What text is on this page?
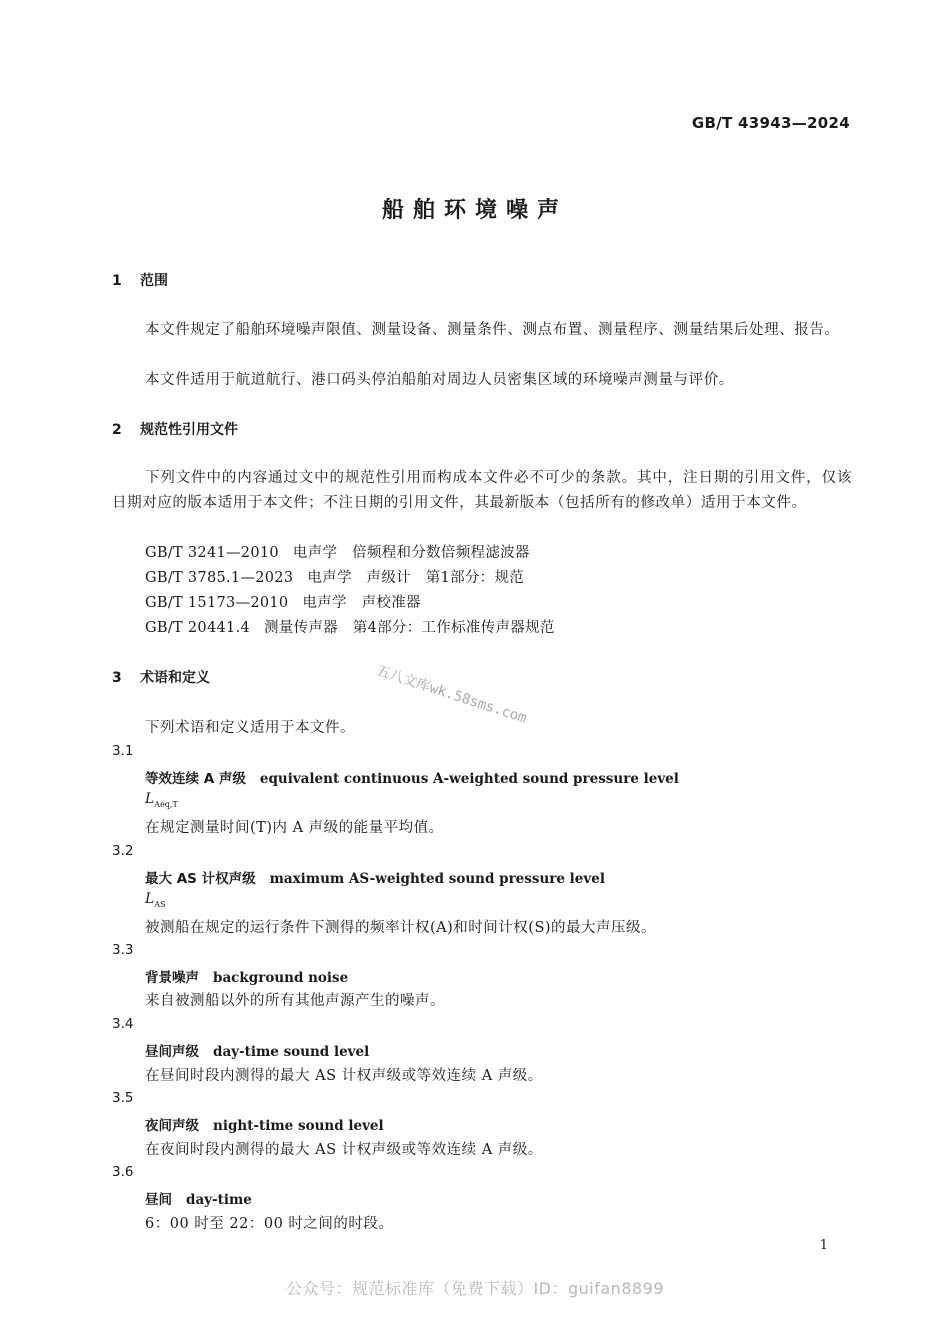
GB/T 43943—2024
船舶环境噪声
1 范围
本文件规定了船舶环境噪声限值、测量设备、测量条件、测点布置、测量程序、测量结果后处理、报告。
本文件适用于航道航行、港口码头停泊船舶对周边人员密集区域的环境噪声测量与评价。
2 规范性引用文件
下列文件中的内容通过文中的规范性引用而构成本文件必不可少的条款。其中，注日期的引用文件，仅该日期对应的版本适用于本文件；不注日期的引用文件，其最新版本（包括所有的修改单）适用于本文件。
GB/T 3241—2010 电声学　倍频程和分数倍频程滤波器
GB/T 3785.1—2023 电声学　声级计　第1部分：规范
GB/T 15173—2010 电声学　声校准器
GB/T 20441.4 测量传声器　第4部分：工作标准传声器规范
3 术语和定义
下列术语和定义适用于本文件。
3.1
等效连续 A 声级 equivalent continuous A-weighted sound pressure level
$L_{Aeq,T}$
在规定测量时间(T)内 A 声级的能量平均值。
3.2
最大 AS 计权声级 maximum AS-weighted sound pressure level
$L_{AS}$
被测船在规定的运行条件下测得的频率计权(A)和时间计权(S)的最大声压级。
3.3
背景噪声 background noise
来自被测船以外的所有其他声源产生的噪声。
3.4
昼间声级 day-time sound level
在昼间时段内测得的最大 AS 计权声级或等效连续 A 声级。
3.5
夜间声级 night-time sound level
在夜间时段内测得的最大 AS 计权声级或等效连续 A 声级。
3.6
昼间 day-time
6：00 时至 22：00 时之间的时段。
五八文库wk.58sms.com
1
公众号：规范标准库（免费下载）ID：guifan8899
